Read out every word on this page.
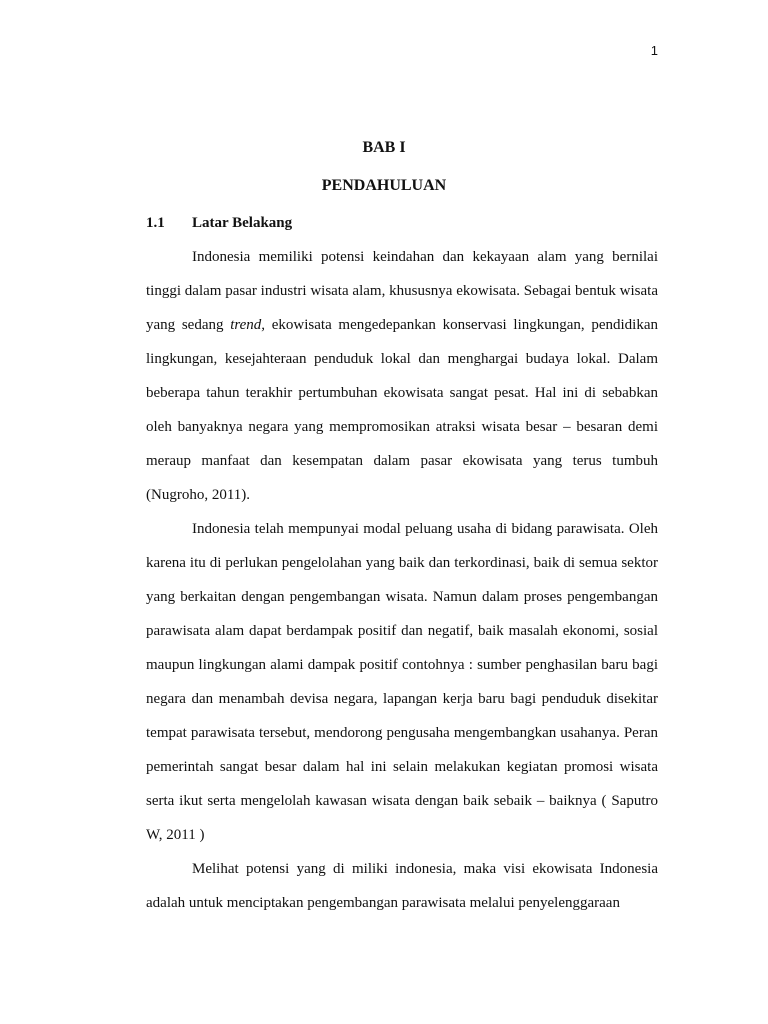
1
BAB I
PENDAHULUAN
1.1 Latar Belakang

Indonesia memiliki potensi keindahan dan kekayaan alam yang bernilai tinggi dalam pasar industri wisata alam, khususnya ekowisata. Sebagai bentuk wisata yang sedang trend, ekowisata mengedepankan konservasi lingkungan, pendidikan lingkungan, kesejahteraan penduduk lokal dan menghargai budaya lokal. Dalam beberapa tahun terakhir pertumbuhan ekowisata sangat pesat. Hal ini di sebabkan oleh banyaknya negara yang mempromosikan atraksi wisata besar – besaran demi meraup manfaat dan kesempatan dalam pasar ekowisata yang terus tumbuh (Nugroho, 2011).

Indonesia telah mempunyai modal peluang usaha di bidang parawisata. Oleh karena itu di perlukan pengelolahan yang baik dan terkordinasi, baik di semua sektor yang berkaitan dengan pengembangan wisata. Namun dalam proses pengembangan parawisata alam dapat berdampak positif dan negatif, baik masalah ekonomi, sosial maupun lingkungan alami dampak positif contohnya : sumber penghasilan baru bagi negara dan menambah devisa negara, lapangan kerja baru bagi penduduk disekitar tempat parawisata tersebut, mendorong pengusaha mengembangkan usahanya. Peran pemerintah sangat besar dalam hal ini selain melakukan kegiatan promosi wisata serta ikut serta mengelolah kawasan wisata dengan baik sebaik – baiknya ( Saputro W, 2011 )

Melihat potensi yang di miliki indonesia, maka visi ekowisata Indonesia adalah untuk menciptakan pengembangan parawisata melalui penyelenggaraan
